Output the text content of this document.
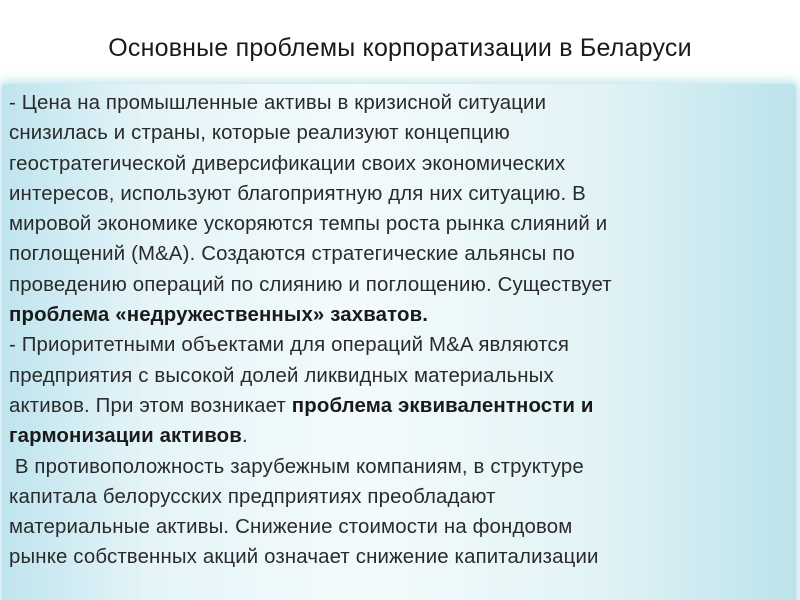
Основные проблемы корпоратизации в Беларуси
- Цена на промышленные активы в кризисной ситуации
снизилась и страны, которые реализуют концепцию
геостратегической диверсификации своих экономических
интересов, используют благоприятную для них ситуацию. В
мировой экономике ускоряются темпы роста рынка слияний и
поглощений (M&A). Создаются стратегические альянсы по
проведению операций по слиянию и поглощению. Существует
проблема «недружественных» захватов.
- Приоритетными объектами для операций M&A являются
предприятия с высокой долей ликвидных материальных
активов. При этом возникает проблема эквивалентности и
гармонизации активов.
В противоположность зарубежным компаниям, в структуре
капитала белорусских предприятиях преобладают
материальные активы. Снижение стоимости на фондовом
рынке собственных акций означает снижение капитализации
